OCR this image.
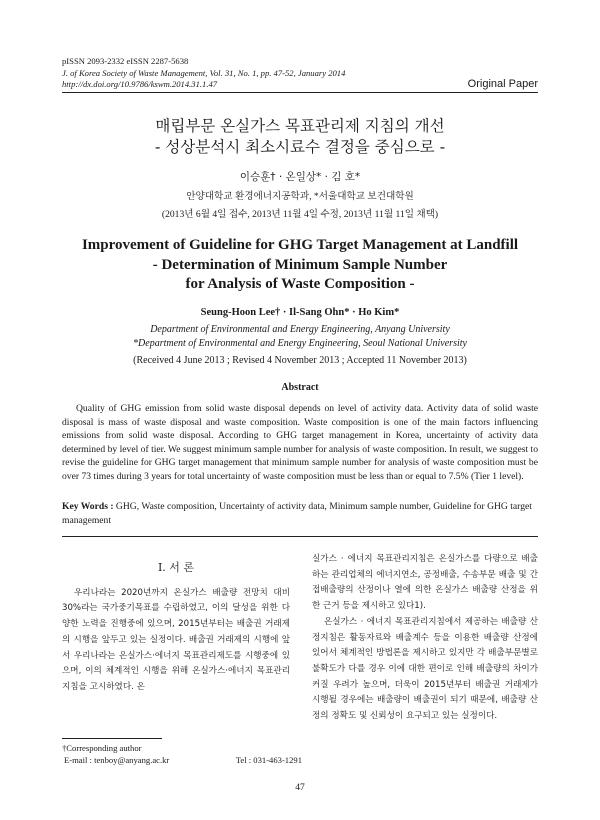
pISSN 2093-2332 eISSN 2287-5638
J. of Korea Society of Waste Management, Vol. 31, No. 1, pp. 47-52, January 2014
http://dx.doi.org/10.9786/kswm.2014.31.1.47	Original Paper
매립부문 온실가스 목표관리제 지침의 개선
- 성상분석시 최소시료수 결정을 중심으로 -
이승훈† · 온일상* · 김 호*
안양대학교 환경에너지공학과, *서울대학교 보건대학원
(2013년 6월 4일 접수, 2013년 11월 4일 수정, 2013년 11월 11일 채택)
Improvement of Guideline for GHG Target Management at Landfill
- Determination of Minimum Sample Number
for Analysis of Waste Composition -
Seung-Hoon Lee† · Il-Sang Ohn* · Ho Kim*
Department of Environmental and Energy Engineering, Anyang University
*Department of Environmental and Energy Engineering, Seoul National University
(Received 4 June 2013 ; Revised 4 November 2013 ; Accepted 11 November 2013)
Abstract
Quality of GHG emission from solid waste disposal depends on level of activity data. Activity data of solid waste disposal is mass of waste disposal and waste composition. Waste composition is one of the main factors influencing emissions from solid waste disposal. According to GHG target management in Korea, uncertainty of activity data determined by level of tier. We suggest minimum sample number for analysis of waste composition. In result, we suggest to revise the guideline for GHG target management that minimum sample number for analysis of waste composition must be over 73 times during 3 years for total uncertainty of waste composition must be less than or equal to 7.5% (Tier 1 level).
Key Words : GHG, Waste composition, Uncertainty of activity data, Minimum sample number, Guideline for GHG target management
I. 서 론

우리나라는 2020년까지 온실가스 배출량 전망치 대비 30%라는 국가중기목표를 수립하였고, 이의 달성을 위한 다양한 노력을 진행중에 있으며, 2015년부터는 배출권 거래제의 시행을 앞두고 있는 실정이다. 배출권 거래제의 시행에 앞서 우리나라는 온실가스·에너지 목표관리제도를 시행중에 있으며, 이의 체계적인 시행을 위해 온실가스·에너지 목표관리지침을 고시하였다. 온

실가스 · 에너지 목표관리지침은 온실가스를 다량으로 배출하는 관리업체의 에너지연소, 공정배출, 수송부문 배출 및 간접배출량의 산정이나 열에 의한 온실가스 배출량 산정을 위한 근거 등을 제시하고 있다1).

온실가스 · 에너지 목표관리지침에서 제공하는 배출량 산정지침은 활동자료와 배출계수 등을 이용한 배출량 산정에 있어서 체계적인 방법론을 제시하고 있지만 각 배출부문별로 불확도가 다를 경우 이에 대한 편이로 인해 배출량의 차이가 커질 우려가 높으며, 더욱이 2015년부터 배출권 거래제가 시행될 경우에는 배출량이 배출권이 되기 때문에, 배출량 산정의 정확도 및 신뢰성이 요구되고 있는 실정이다.

†Corresponding author
E-mail : tenboy@anyang.ac.kr	Tel : 031-463-1291
47
